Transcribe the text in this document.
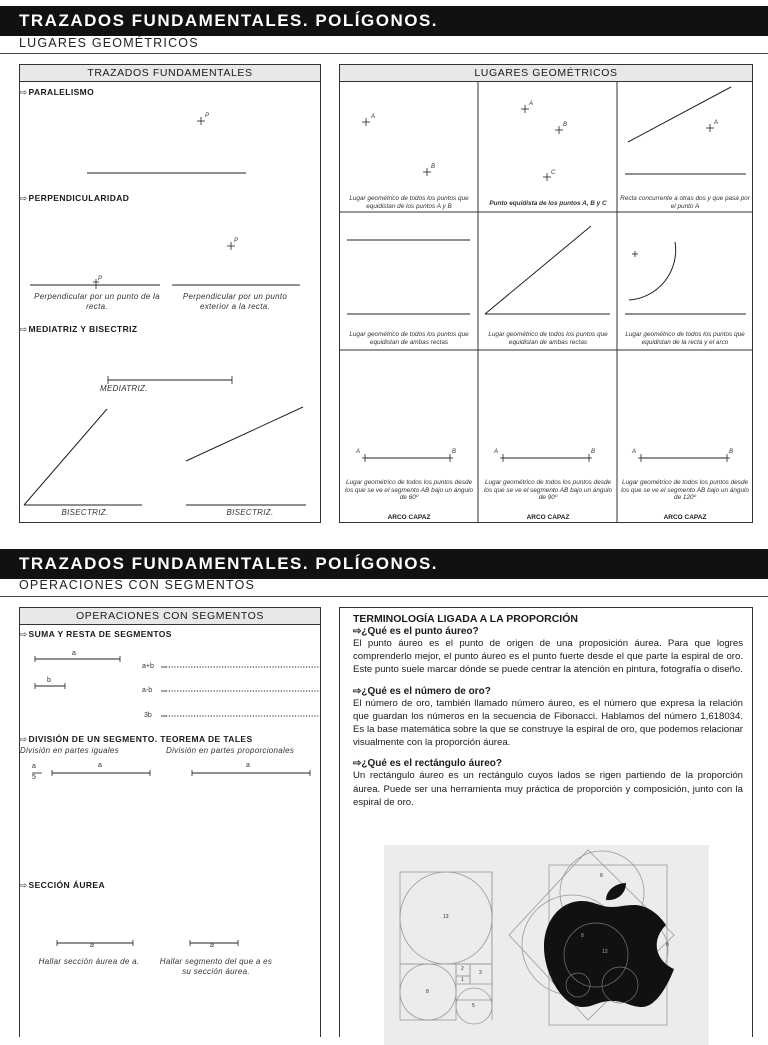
TRAZADOS FUNDAMENTALES. POLÍGONOS.
LUGARES GEOMÉTRICOS
TRAZADOS FUNDAMENTALES
⇨PARALELISMO
P
P
P
⇨PERPENDICULARIDAD
Perpendicular por un punto de la recta.
Perpendicular por un punto exterior a la recta.
⇨MEDIATRIZ Y BISECTRIZ
MEDIATRIZ.
BISECTRIZ.	BISECTRIZ.
LUGARES GEOMÉTRICOS
A
B
A
B
C
A
A	B	A	B	A	B
Lugar geométrico de todos los puntos que equidistan de los puntos A y B	Punto equidista de los puntos A, B y C
Recta concurrente a otras dos y que pasa por el punto A
Lugar geométrico de todos los puntos que equidistan de ambas rectas
Lugar geométrico de todos los puntos que equidistan de ambas rectas
Lugar geométrico de todos los puntos que equidistan de la recta y el arco
Lugar geométrico de todos los puntos desde los que se ve el segmento AB bajo un ángulo de 60º
Lugar geométrico de todos los puntos desde los que se ve el segmento AB bajo un ángulo de 90º
Lugar geométrico de todos los puntos desde los que se ve el segmento AB bajo un ángulo de 120º
ARCO CAPAZ	ARCO CAPAZ	ARCO CAPAZ
TRAZADOS FUNDAMENTALES. POLÍGONOS.
OPERACIONES CON SEGMENTOS
OPERACIONES CON SEGMENTOS
⇨SUMA Y RESTA DE SEGMENTOS
a
b
a+b
a-b
3b
⇨DIVISIÓN DE UN SEGMENTO. TEOREMA DE TALES
División en partes iguales	División en partes proporcionales
a
5
a	a
⇨SECCIÓN ÁUREA
a	a
Hallar sección áurea de a.	Hallar segmento del que a es su sección áurea.

TERMINOLOGÍA LIGADA A LA PROPORCIÓN

⇨¿Qué es el punto áureo?

El punto áureo es el punto de origen de una proposición áurea. Para que logres comprenderlo mejor, el punto áureo es el punto fuerte desde el que parte la espiral de oro. Este punto suele marcar dónde se puede centrar la atención en pintura, fotografía o diseño.

⇨¿Qué es el número de oro?

El número de oro, también llamado número áureo, es el número que expresa la relación que guardan los números en la secuencia de Fibonacci. Hablamos del número 1,618034. Es la base matemática sobre la que se construye la espiral de oro, que podemos relacionar visualmente con la proporción áurea.

⇨¿Qué es el rectángulo áureo?

Un rectángulo áureo es un rectángulo cuyos lados se rigen partiendo de la proporción áurea. Puede ser una herramienta muy práctica de proporción y composición, junto con la espiral de oro.

13
8
2
3
1
5
8
13
8
8
